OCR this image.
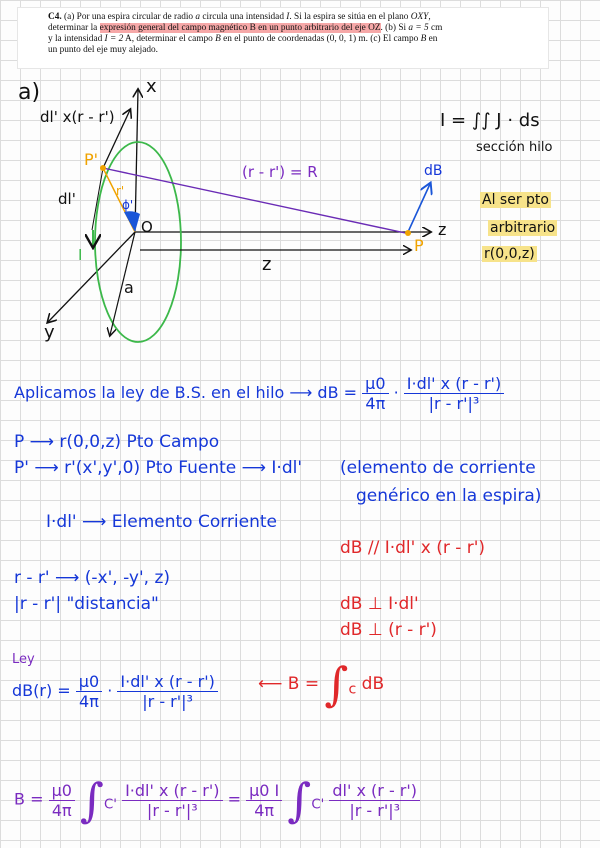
C4. (a) Por una espira circular de radio a circula una intensidad I. Si la espira se sitúa en el plano OXY,
determinar la expresión general del campo magnético B en un punto arbitrario del eje OZ. (b) Si a = 5 cm
y la intensidad I = 2 A, determinar el campo B en el punto de coordenadas (0, 0, 1) m. (c) El campo B en
un punto del eje muy alejado.
a)	x
y
z
O
P
P'
I
a
z
dl'	r'
ϕ'
dl' x(r - r')
(r - r') = R	dB
I = ∫∫ J · ds
sección hilo
Al ser pto
arbitrario
r(0,0,z)
Aplicamos la ley de B.S. en el hilo ⟶ dB = $\frac{\mu 0}{4\pi} \cdot \frac{I\cdot dl' x (r - r')}{\text{|r - r'|³}}$
P ⟶ r(0,0,z) Pto Campo
P' ⟶ r'(x',y',0) Pto Fuente ⟶ I·dl' (elemento de corriente
genérico en la espira)
I·dl' ⟶ Elemento Corriente
dB // I·dl' x (r - r')
r - r' ⟶ (-x', -y', z)
|r - r'| "distancia"	dB ⊥ I·dl'
dB ⊥ (r - r')
Ley
$dB(r) = \frac{\mu 0}{4\pi} \cdot \frac{I\cdot dl' x (r - r')}{\text{|r - r'|³}}$ ⟵ $B = \int_c$ dB
$B = \frac{\mu 0}{4\pi} \int_{C'} \frac{I\cdot dl' x (r - r')}{\text{|r - r'|³}} = \frac{\mu 0 I}{4\pi} \int_{C'} \frac{dl' x (r - r')}{\text{|r - r'|³}}$
